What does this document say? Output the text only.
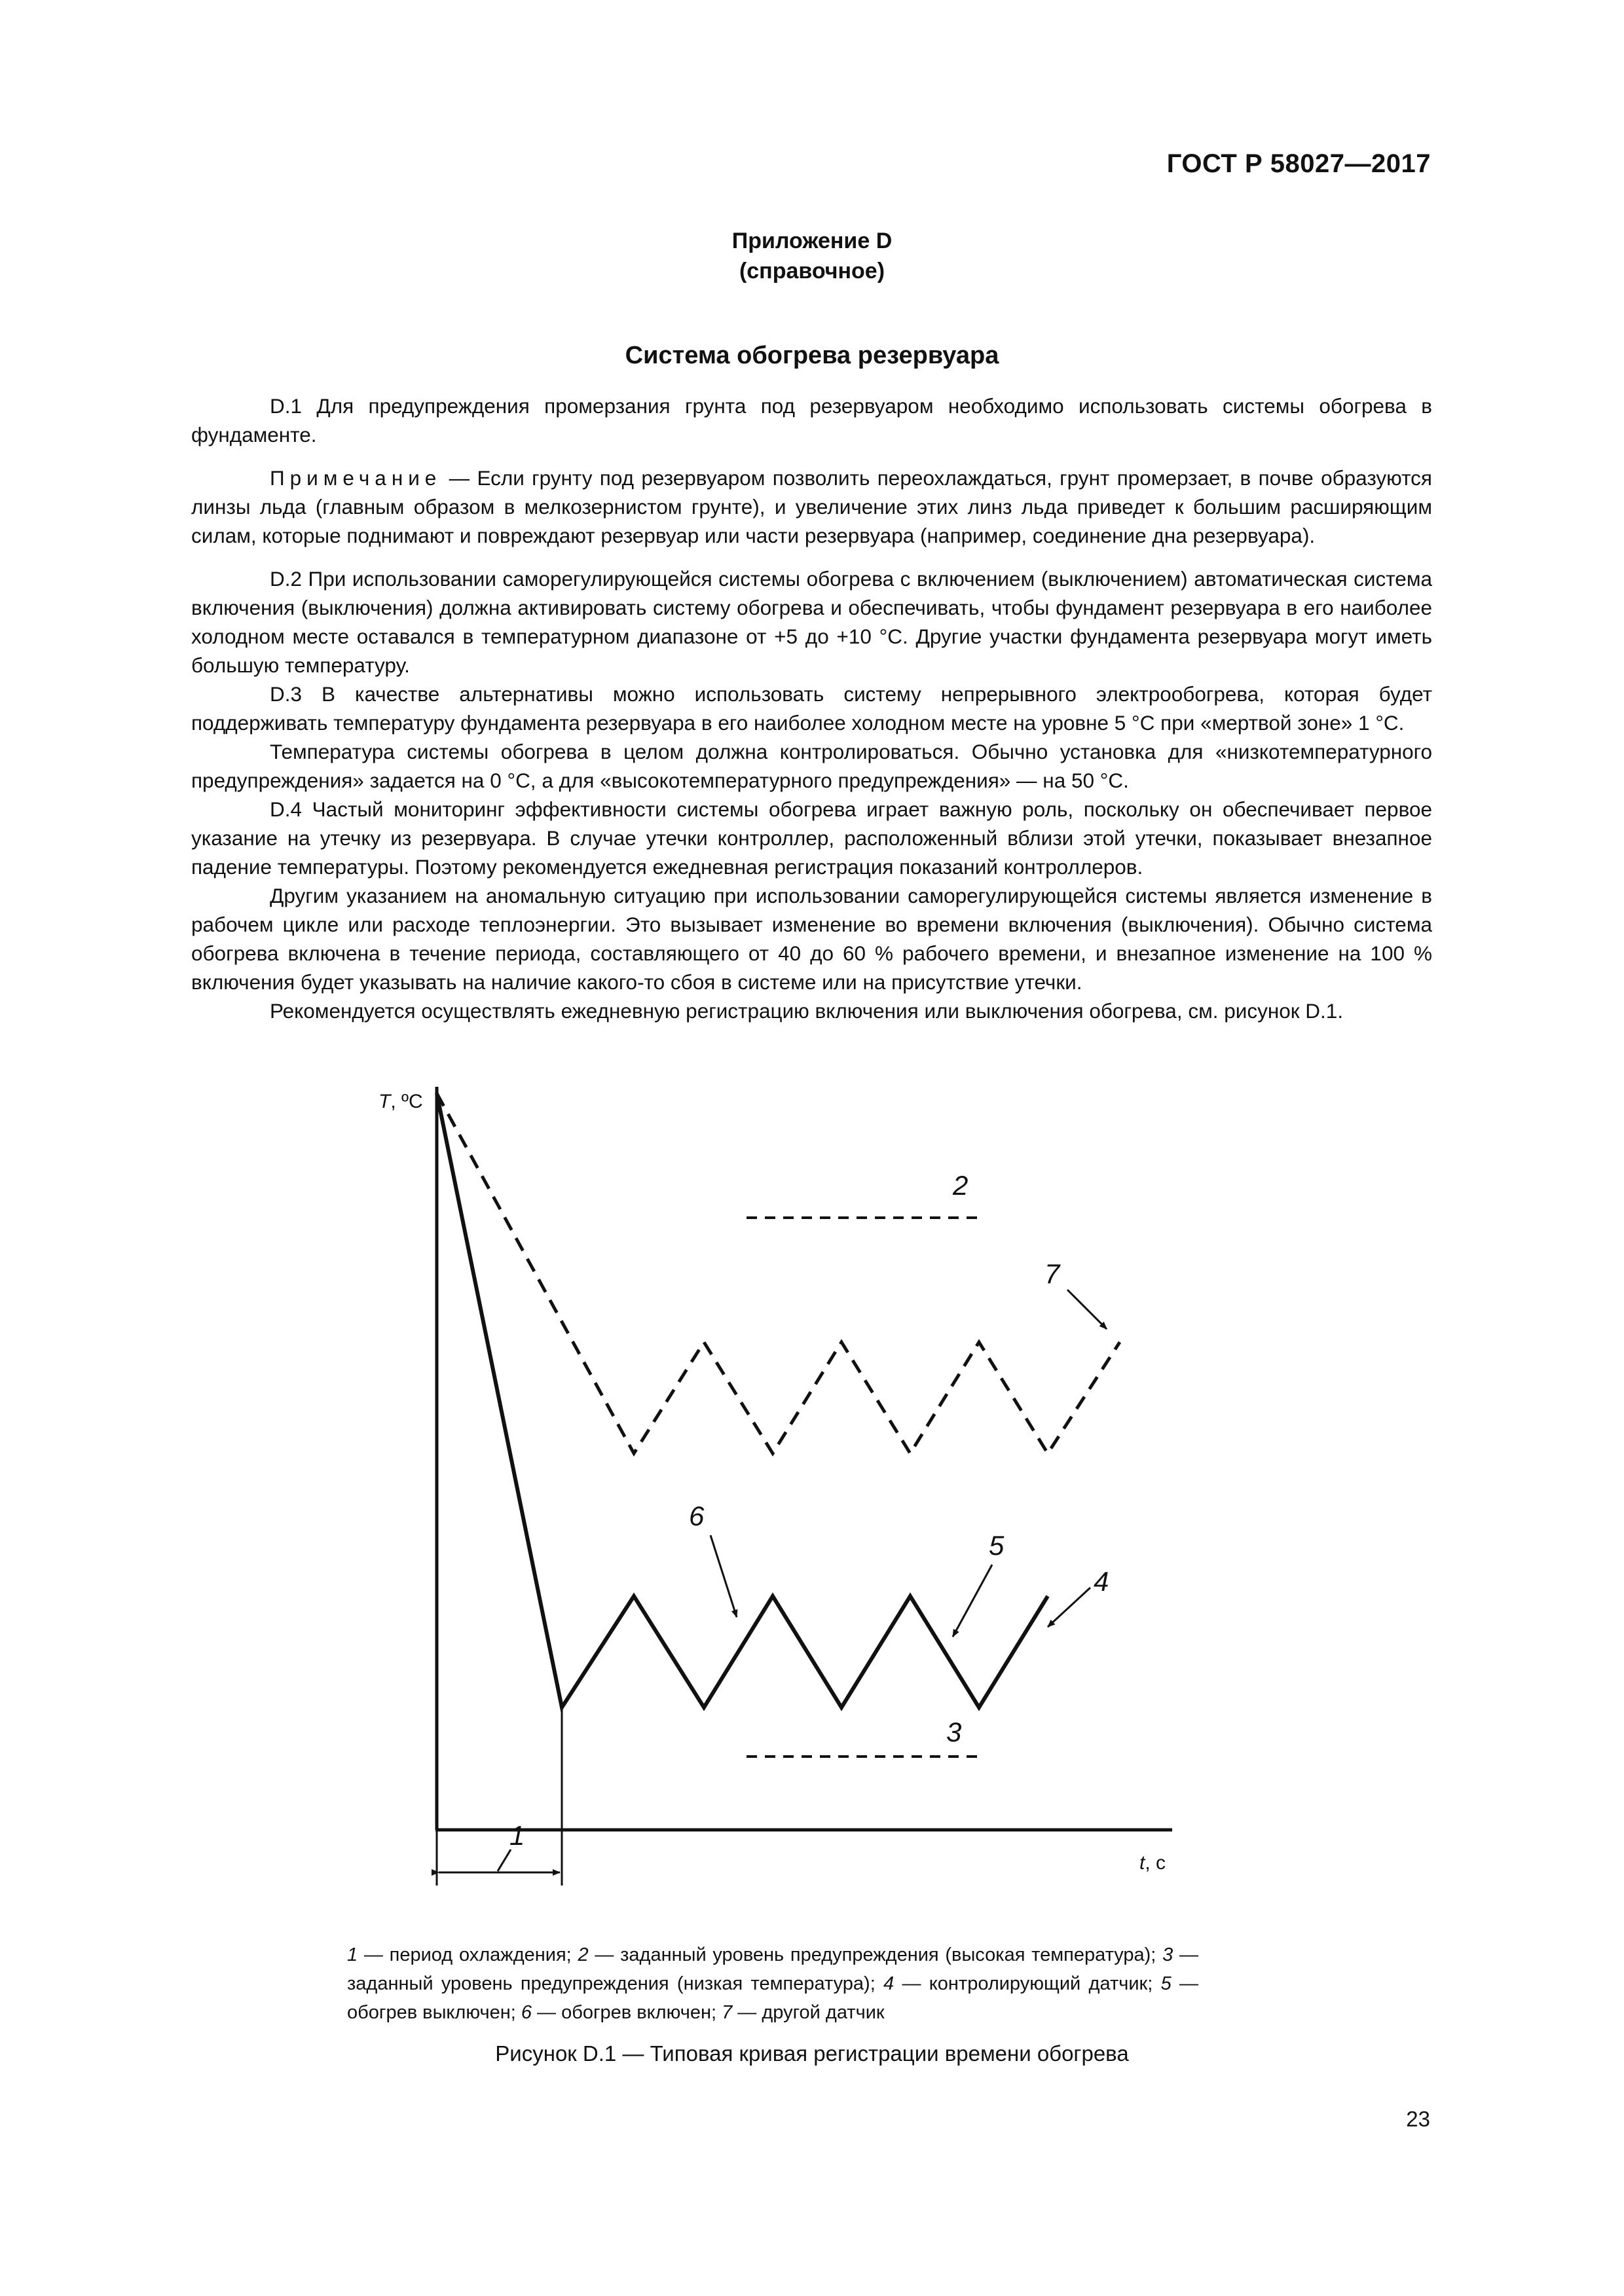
ГОСТ Р 58027—2017
Приложение D
(справочное)
Система обогрева резервуара

D.1 Для предупреждения промерзания грунта под резервуаром необходимо использовать системы обогрева в фундаменте.

Примечание — Если грунту под резервуаром позволить переохлаждаться, грунт промерзает, в почве образуются линзы льда (главным образом в мелкозернистом грунте), и увеличение этих линз льда приведет к большим расширяющим силам, которые поднимают и повреждают резервуар или части резервуара (например, соединение дна резервуара).

D.2 При использовании саморегулирующейся системы обогрева с включением (выключением) автоматическая система включения (выключения) должна активировать систему обогрева и обеспечивать, чтобы фундамент резервуара в его наиболее холодном месте оставался в температурном диапазоне от +5 до +10 °С. Другие участки фундамента резервуара могут иметь большую температуру.

D.3 В качестве альтернативы можно использовать систему непрерывного электрообогрева, которая будет поддерживать температуру фундамента резервуара в его наиболее холодном месте на уровне 5 °С при «мертвой зоне» 1 °С.

Температура системы обогрева в целом должна контролироваться. Обычно установка для «низкотемпературного предупреждения» задается на 0 °С, а для «высокотемпературного предупреждения» — на 50 °С.

D.4 Частый мониторинг эффективности системы обогрева играет важную роль, поскольку он обеспечивает первое указание на утечку из резервуара. В случае утечки контроллер, расположенный вблизи этой утечки, показывает внезапное падение температуры. Поэтому рекомендуется ежедневная регистрация показаний контроллеров.

Другим указанием на аномальную ситуацию при использовании саморегулирующейся системы является изменение в рабочем цикле или расходе теплоэнергии. Это вызывает изменение во времени включения (выключения). Обычно система обогрева включена в течение периода, составляющего от 40 до 60 % рабочего времени, и внезапное изменение на 100 % включения будет указывать на наличие какого-то сбоя в системе или на присутствие утечки.

Рекомендуется осуществлять ежедневную регистрацию включения или выключения обогрева, см. рисунок D.1.

T, ºС
t, с
1
2
3
4
5
6
7
1 — период охлаждения; 2 — заданный уровень предупреждения (высокая температура); 3 — заданный уровень предупреждения (низкая температура); 4 — контролирующий датчик; 5 — обогрев выключен; 6 — обогрев включен; 7 — другой датчик
Рисунок D.1 — Типовая кривая регистрации времени обогрева
23
